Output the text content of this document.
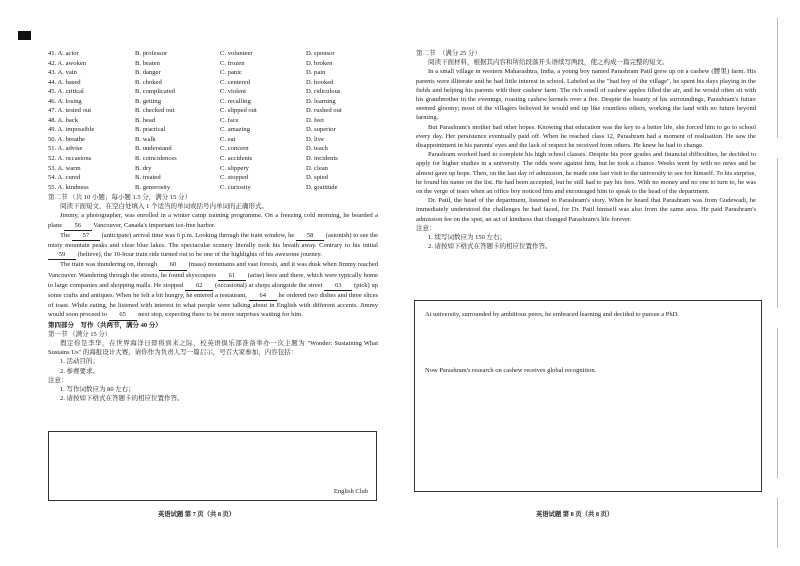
41. A. actor	B. professor	C. volunteer	D. sponsor
42. A. awoken	B. beaten	C. frozen	D. broken
43. A. vain	B. danger	C. panic	D. pain
44. A. based	B. choked	C. centered	D. hooked
45. A. critical	B. complicated	C. violent	D. ridiculous
46. A. losing	B. getting	C. recalling	D. learning
47. A. tested out	B. checked out	C. slipped out	D. rushed out
48. A. back	B. head	C. face	D. feet
49. A. impossible	B. practical	C. amazing	D. superior
50. A. breathe	B. walk	C. eat	D. live
51. A. advise	B. understand	C. concern	D. teach
52. A. occasions	B. coincidences	C. accidents	D. incidents
53. A. warm	B. dry	C. slippery	D. clean
54. A. cured	B. treated	C. stopped	D. spied
55. A. kindness	B. generosity	C. curiosity	D. gratitude

第二节 （共 10 小题；每小题 1.5 分，满分 15 分）

阅读下面短文，在空白处填入 1 个适当的单词或括号内单词的正确形式。

Jimmy, a photographer, was enrolled in a winter camp training programme. On a freezing cold morning, he boarded a plane 56 Vancouver, Canada's important ice-free harbor.

The 57 (anticipate) arrival time was 6 p.m. Looking through the train window, he 58 (astonish) to see the misty mountain peaks and clear blue lakes. The spectacular scenery literally took his breath away. Contrary to his initial 59 (believe), the 10-hour train ride turned out to be one of the highlights of his awesome journey.

The train was thundering on, through 60 (mass) mountains and vast forests, and it was dusk when Jimmy reached Vancouver. Wandering through the streets, he found skyscrapers 61 (arise) here and there, which were typically home to large companies and shopping malls. He stopped 62 (occasional) at shops alongside the street 63 (pick) up some crafts and antiques. When he felt a bit hungry, he entered a restaurant, 64 he ordered two dishes and three slices of toast. While eating, he listened with interest to what people were talking about in English with different accents. Jimmy would soon proceed to 65 next stop, expecting there to be more surprises waiting for him.

第四部分　写作（共两节，满分 40 分）

第一节 （满分 15 分）

假定你是李华，在世界海洋日即将到来之际，校英语俱乐部准备举办一次主题为 "Wonder: Sustaining What Sustains Us" 的海报设计大赛，请你作为负责人写一篇启示，号召大家参加，内容包括：

1. 活动目的；

2. 参赛要求。

注意：

1. 写作词数应为 80 左右；

2. 请按如下格式在答题卡的相应位置作答。

English Club
英语试题 第 7 页（共 8 页）

第二节　（满分 25 分）

阅读下面材料，根据其内容和所给段落开头语续写两段，使之构成一篇完整的短文。

In a small village in western Maharashtra, India, a young boy named Parashram Patil grew up on a cashew (腰果) farm. His parents were illiterate and he had little interest in school. Labeled as the "bad boy of the village", he spent his days playing in the fields and helping his parents with their cashew farm. The rich smell of cashew apples filled the air, and he would often sit with his grandmother in the evenings, roasting cashew kernels over a fire. Despite the beauty of his surroundings, Parashram's future seemed gloomy; most of the villagers believed he would end up like countless others, working the land with no future beyond farming.

But Parashram's mother had other hopes. Knowing that education was the key to a better life, she forced him to go to school every day. Her persistence eventually paid off. When he reached class 12, Parashram had a moment of realisation. He saw the disappointment in his parents' eyes and the lack of respect he received from others. He knew he had to change.

Parashram worked hard to complete his high school classes. Despite his poor grades and financial difficulties, he decided to apply for higher studies in a university. The odds were against him, but he took a chance. Weeks went by with no news and he almost gave up hope. Then, on the last day of admission, he made one last visit to the university to see for himself. To his surprise, he found his name on the list. He had been accepted, but he still had to pay his fees. With no money and no one to turn to, he was on the verge of tears when an office boy noticed him and encouraged him to speak to the head of the department.

Dr. Patil, the head of the department, listened to Parashram's story. When he heard that Parashram was from Gudewadi, he immediately understood the challenges he had faced, for Dr. Patil himself was also from the same area. He paid Parashram's admission fee on the spot, an act of kindness that changed Parashram's life forever.

注意：

1. 续写词数应为 150 左右；

2. 请按如下格式在答题卡的相应位置作答。

At university, surrounded by ambitious peers, he embraced learning and decided to pursue a PhD.
Now Parashram's research on cashew receives global recognition.
英语试题 第 8 页（共 8 页）
